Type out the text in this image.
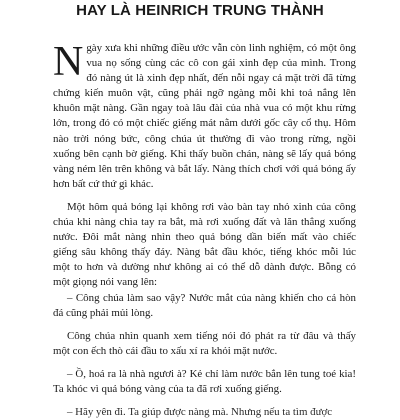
HAY LÀ HEINRICH TRUNG THÀNH

Ngày xưa khi những điều ước vẫn còn linh nghiệm, có một ông vua nọ sống cùng các cô con gái xinh đẹp của mình. Trong đó nàng út là xinh đẹp nhất, đến nỗi ngay cả mặt trời đã từng chứng kiến muôn vật, cũng phải ngỡ ngàng mỗi khi toả nắng lên khuôn mặt nàng. Gần ngay toà lâu đài của nhà vua có một khu rừng lớn, trong đó có một chiếc giếng mát nằm dưới gốc cây cổ thụ. Hôm nào trời nóng bức, công chúa út thường đi vào trong rừng, ngồi xuống bên cạnh bờ giếng. Khi thấy buồn chán, nàng sẽ lấy quả bóng vàng ném lên trên không và bắt lấy. Nàng thích chơi với quả bóng ấy hơn bất cứ thứ gì khác.

Một hôm quả bóng lại không rơi vào bàn tay nhỏ xinh của công chúa khi nàng chìa tay ra bắt, mà rơi xuống đất và lăn thẳng xuống nước. Đôi mắt nàng nhìn theo quả bóng dần biến mất vào chiếc giếng sâu không thấy đáy. Nàng bắt đầu khóc, tiếng khóc mỗi lúc một to hơn và dường như không ai có thể dỗ dành được. Bỗng có một giọng nói vang lên:

– Công chúa làm sao vậy? Nước mắt của nàng khiến cho cả hòn đá cũng phải mủi lòng.

Công chúa nhìn quanh xem tiếng nói đó phát ra từ đâu và thấy một con ếch thò cái đầu to xấu xí ra khỏi mặt nước.

– Ồ, hoá ra là nhà ngươi à? Kẻ chỉ làm nước bắn lên tung toé kia! Ta khóc vì quả bóng vàng của ta đã rơi xuống giếng.

– Hãy yên đi. Ta giúp được nàng mà. Nhưng nếu ta tìm được
